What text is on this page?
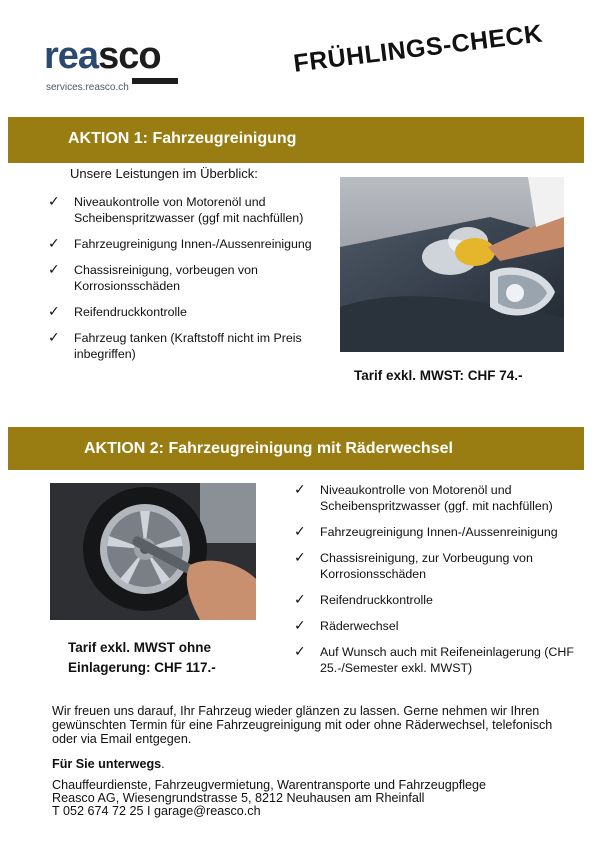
reasco
services.reasco.ch
FRÜHLINGS-CHECK
AKTION 1: Fahrzeugreinigung
Unsere Leistungen im Überblick:
✓ Niveaukontrolle von Motorenöl und Scheibenspritzwasser (ggf mit nachfüllen)
✓ Fahrzeugreinigung Innen-/Aussenreinigung
✓ Chassisreinigung, vorbeugen von Korrosionsschäden
✓ Reifendruckkontrolle
✓ Fahrzeug tanken (Kraftstoff nicht im Preis inbegriffen)
Tarif exkl. MWST: CHF 74.-
AKTION 2: Fahrzeugreinigung mit Räderwechsel
Tarif exkl. MWST ohne
Einlagerung: CHF 117.-
✓ Niveaukontrolle von Motorenöl und Scheibenspritzwasser (ggf. mit nachfüllen)
✓ Fahrzeugreinigung Innen-/Aussenreinigung
✓ Chassisreinigung, zur Vorbeugung von Korrosionsschäden
✓ Reifendruckkontrolle
✓ Räderwechsel
✓ Auf Wunsch auch mit Reifeneinlagerung (CHF 25.-/Semester exkl. MWST)
Wir freuen uns darauf, Ihr Fahrzeug wieder glänzen zu lassen. Gerne nehmen wir Ihren gewünschten Termin für eine Fahrzeugreinigung mit oder ohne Räderwechsel, telefonisch oder via Email entgegen.
Für Sie unterwegs.
Chauffeurdienste, Fahrzeugvermietung, Warentransporte und Fahrzeugpflege
Reasco AG, Wiesengrundstrasse 5, 8212 Neuhausen am Rheinfall
T 052 674 72 25 I garage@reasco.ch
